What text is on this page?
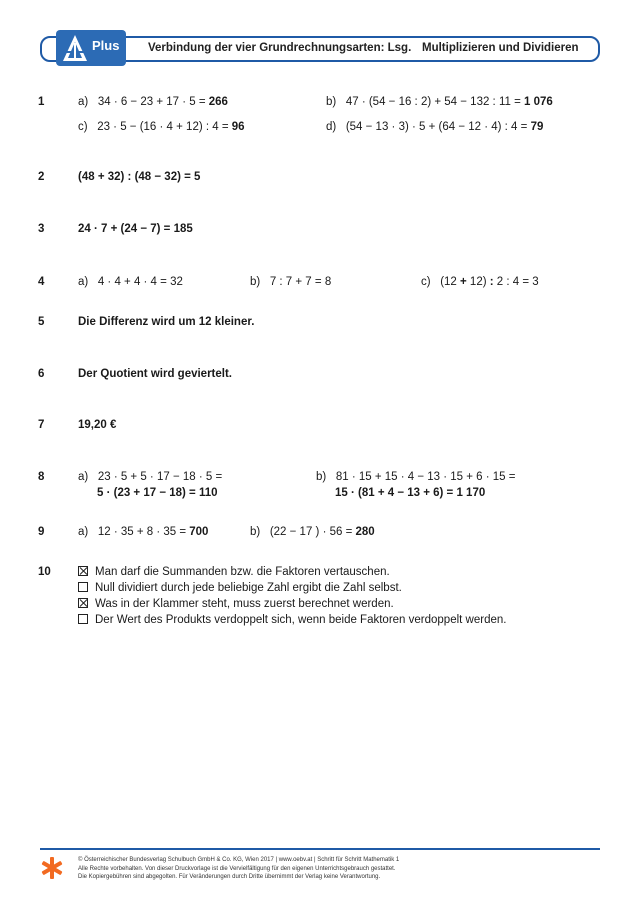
Plus Verbindung der vier Grundrechnungsarten: Lsg. Multiplizieren und Dividieren
1	a) 34 · 6 − 23 + 17 · 5 = 266	b) 47 · (54 − 16 : 2) + 54 − 132 : 11 = 1 076
c) 23 · 5 − (16 · 4 + 12) : 4 = 96	d) (54 − 13 · 3) · 5 + (64 − 12 · 4) : 4 = 79
2	(48 + 32) : (48 − 32) = 5
3	24 · 7 + (24 − 7) = 185
4	a) 4 · 4 + 4 · 4 = 32	b) 7 : 7 + 7 = 8	c) (12 + 12) : 2 : 4 = 3
5	Die Differenz wird um 12 kleiner.
6	Der Quotient wird geviertelt.
7	19,20 €
8	a) 23 · 5 + 5 · 17 − 18 · 5 =
5 · (23 + 17 − 18) = 110
b) 81 · 15 + 15 · 4 − 13 · 15 + 6 · 15 =
15 · (81 + 4 − 13 + 6) = 1 170
9	a) 12 · 35 + 8 · 35 = 700	b) (22 − 17 ) · 56 = 280
10	Man darf die Summanden bzw. die Faktoren vertauschen.
Null dividiert durch jede beliebige Zahl ergibt die Zahl selbst.
Was in der Klammer steht, muss zuerst berechnet werden.
Der Wert des Produkts verdoppelt sich, wenn beide Faktoren verdoppelt werden.
© Österreichischer Bundesverlag Schulbuch GmbH & Co. KG, Wien 2017 | www.oebv.at | Schritt für Schritt Mathematik 1
Alle Rechte vorbehalten. Von dieser Druckvorlage ist die Vervielfältigung für den eigenen Unterrichtsgebrauch gestattet.
Die Kopiergebühren sind abgegolten. Für Veränderungen durch Dritte übernimmt der Verlag keine Verantwortung.
